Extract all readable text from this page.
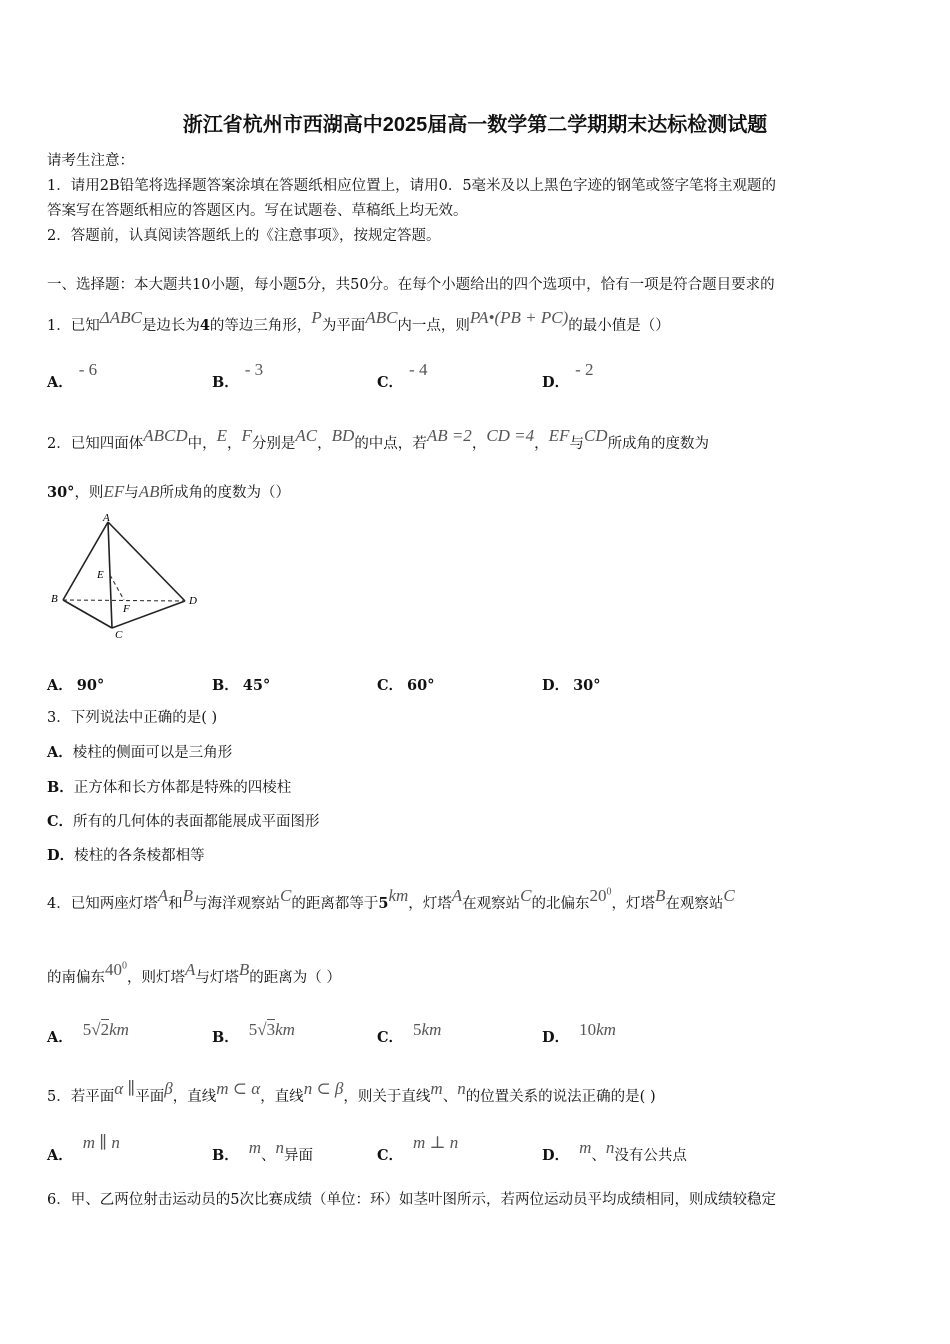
浙江省杭州市西湖高中2025届高一数学第二学期期末达标检测试题
请考生注意：
1．请用2B铅笔将选择题答案涂填在答题纸相应位置上，请用0．5毫米及以上黑色字迹的钢笔或签字笔将主观题的
答案写在答题纸相应的答题区内。写在试题卷、草稿纸上均无效。
2．答题前，认真阅读答题纸上的《注意事项》，按规定答题。
一、选择题：本大题共10小题，每小题5分，共50分。在每个小题给出的四个选项中，恰有一项是符合题目要求的
1．已知ΔABC是边长为4的等边三角形，P为平面ABC内一点，则PA•(PB + PC)的最小值是（）
A．- 6
B．- 3
C．- 4
D．- 2
2．已知四面体ABCD中，E，F分别是AC，BD的中点，若AB =2，CD =4，EF与CD所成角的度数为
30°，则EF与AB所成角的度数为（）
A
B
C
D
E
F
A． 90°	B． 45°	C． 60°	D． 30°
3．下列说法中正确的是( )
A．棱柱的侧面可以是三角形
B．正方体和长方体都是特殊的四棱柱
C．所有的几何体的表面都能展成平面图形
D．棱柱的各条棱都相等
4．已知两座灯塔A和B与海洋观察站C的距离都等于5km，灯塔A在观察站C的北偏东$20^0$，灯塔B在观察站C
的南偏东$40^0$，则灯塔A与灯塔B的距离为（ ）
A． 5√2km	B． 5√3km	C． 5km	D． 10km
5．若平面α ∥平面β，直线m ⊂ α，直线n ⊂ β，则关于直线m、n的位置关系的说法正确的是( )
A．m ∥ n
B． m、n异面	C．m ⊥ n
D． m、n没有公共点
6．甲、乙两位射击运动员的5次比赛成绩（单位：环）如茎叶图所示，若两位运动员平均成绩相同，则成绩较稳定
